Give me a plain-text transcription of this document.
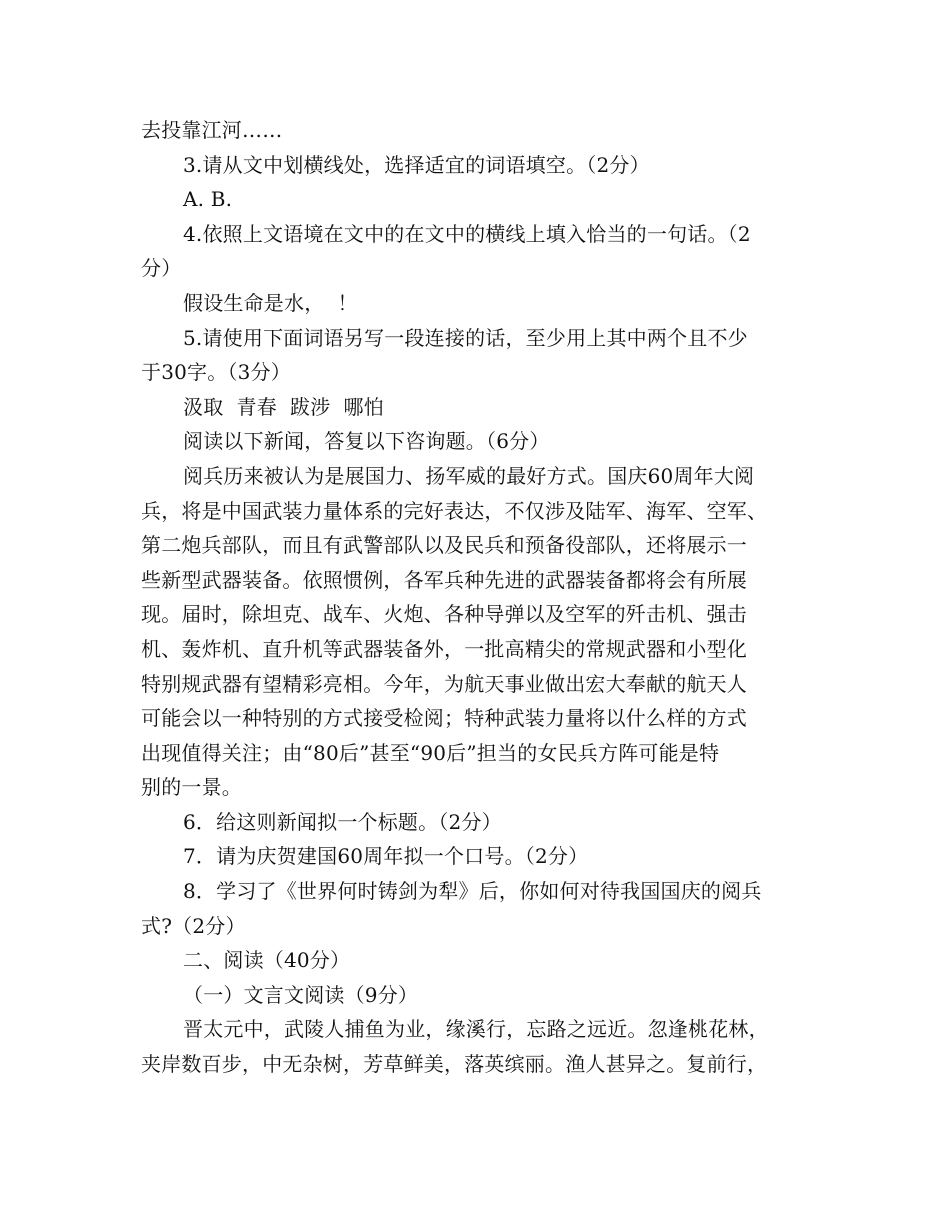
去投靠江河……
3.请从文中划横线处，选择适宜的词语填空。（2分）
A. B.
4.依照上文语境在文中的在文中的横线上填入恰当的一句话。（2
分）
假设生命是水，  ！
5.请使用下面词语另写一段连接的话，至少用上其中两个且不少
于30字。（3分）
汲取  青春  跋涉  哪怕
阅读以下新闻，答复以下咨询题。（6分）
阅兵历来被认为是展国力、扬军威的最好方式。国庆60周年大阅
兵，将是中国武装力量体系的完好表达，不仅涉及陆军、海军、空军、
第二炮兵部队，而且有武警部队以及民兵和预备役部队，还将展示一
些新型武器装备。依照惯例，各军兵种先进的武器装备都将会有所展
现。届时，除坦克、战车、火炮、各种导弹以及空军的歼击机、强击
机、轰炸机、直升机等武器装备外，一批高精尖的常规武器和小型化
特别规武器有望精彩亮相。今年，为航天事业做出宏大奉献的航天人
可能会以一种特别的方式接受检阅；特种武装力量将以什么样的方式
出现值得关注；由“80后”甚至“90后”担当的女民兵方阵可能是特
别的一景。
6．给这则新闻拟一个标题。（2分）
7．请为庆贺建国60周年拟一个口号。（2分）
8．学习了《世界何时铸剑为犁》后，你如何对待我国国庆的阅兵
式?（2分）
二、阅读（40分）
（一）文言文阅读（9分）
晋太元中，武陵人捕鱼为业，缘溪行，忘路之远近。忽逢桃花林，
夹岸数百步，中无杂树，芳草鲜美，落英缤丽。渔人甚异之。复前行，
